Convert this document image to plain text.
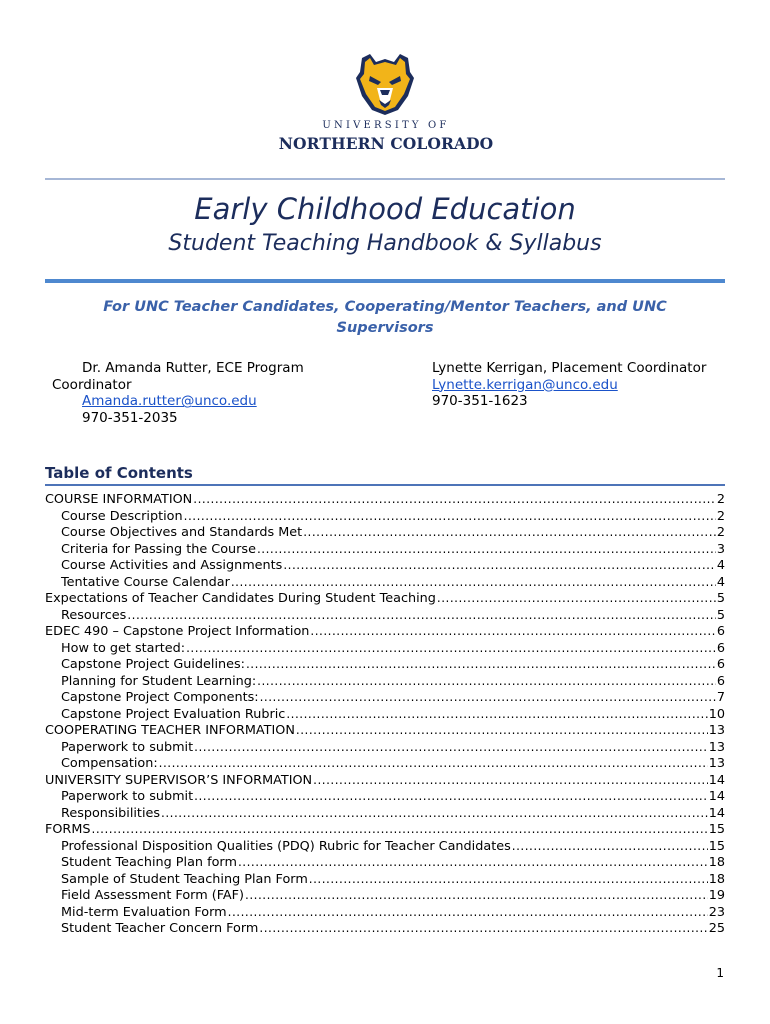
UNIVERSITY OF
NORTHERN COLORADO
Early Childhood Education
Student Teaching Handbook & Syllabus
For UNC Teacher Candidates, Cooperating/Mentor Teachers, and UNC Supervisors
Dr. Amanda Rutter, ECE Program
Coordinator
Amanda.rutter@unco.edu
970-351-2035
Lynette Kerrigan, Placement Coordinator
Lynette.kerrigan@unco.edu
970-351-1623
Table of Contents
COURSE INFORMATION .....	2
Course Description .....	2
Course Objectives and Standards Met .....	2
Criteria for Passing the Course .....	3
Course Activities and Assignments .....	4
Tentative Course Calendar .....	4
Expectations of Teacher Candidates During Student Teaching .....	5
Resources .....	5
EDEC 490 – Capstone Project Information .....	6
How to get started: .....	6
Capstone Project Guidelines: .....	6
Planning for Student Learning: .....	6
Capstone Project Components: .....	7
Capstone Project Evaluation Rubric .....	10
COOPERATING TEACHER INFORMATION .....	13
Paperwork to submit .....	13
Compensation: .....	13
UNIVERSITY SUPERVISOR’S INFORMATION .....	14
Paperwork to submit .....	14
Responsibilities .....	14
FORMS .....	15
Professional Disposition Qualities (PDQ) Rubric for Teacher Candidates .....	15
Student Teaching Plan form .....	18
Sample of Student Teaching Plan Form .....	18
Field Assessment Form (FAF) .....	19
Mid-term Evaluation Form .....	23
Student Teacher Concern Form .....	25
1
